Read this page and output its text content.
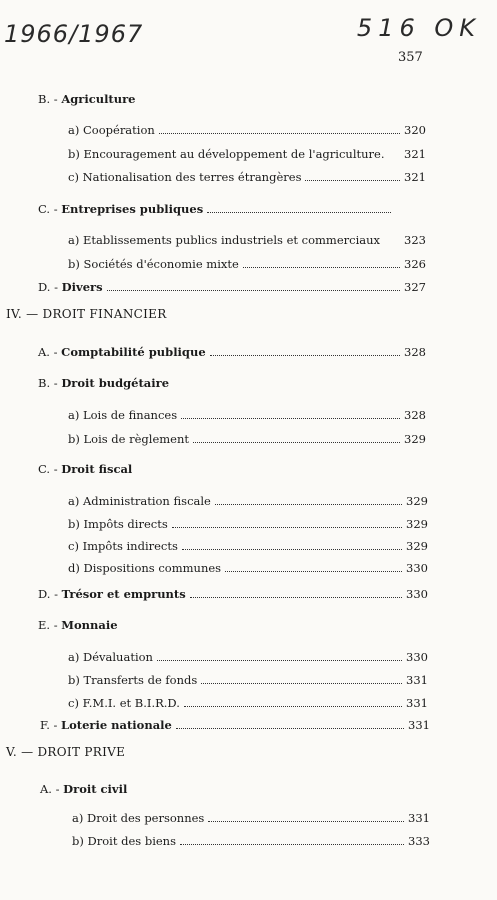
1966/1967	516 OK
357
IV. — DROIT FINANCIER
V. — DROIT PRIVE
B. - Agriculture
a) Coopération	320
b) Encouragement au développement de l'agriculture. 321
c) Nationalisation des terres étrangères	321
C. - Entreprises publiques
a) Etablissements publics industriels et commerciaux 323
b) Sociétés d'économie mixte	326
D. - Divers	327
A. - Comptabilité publique	328
B. - Droit budgétaire
a) Lois de finances	328
b) Lois de règlement	329
C. - Droit fiscal
a) Administration fiscale	329
b) Impôts directs	329
c) Impôts indirects	329
d) Dispositions communes	330
D. - Trésor et emprunts	330
E. - Monnaie
a) Dévaluation	330
b) Transferts de fonds	331
c) F.M.I. et B.I.R.D.	331
F. - Loterie nationale	331
A. - Droit civil
a) Droit des personnes	331
b) Droit des biens	333
